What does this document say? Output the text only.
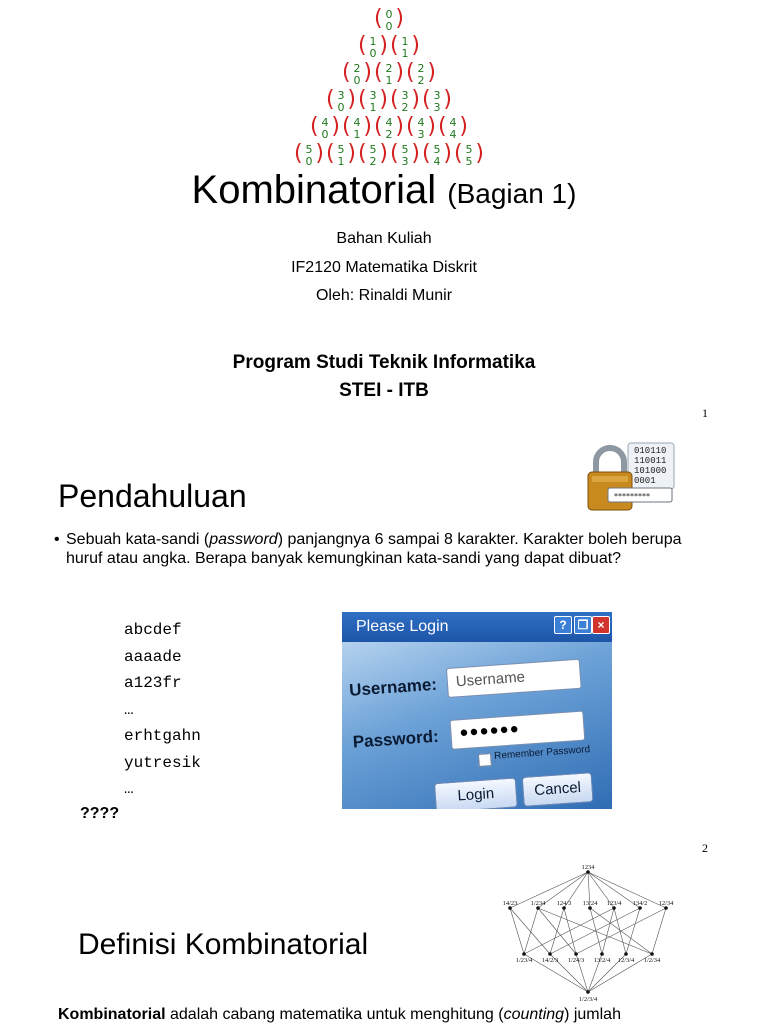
( 0
0 )
( 1
0 ) ( 1
1 )
( 2
0 ) ( 2
1 ) ( 2
2 )
( 3
0 ) ( 3
1 ) ( 3
2 ) ( 3
3 )
( 4
0 ) ( 4
1 ) ( 4
2 ) ( 4
3 ) ( 4
4 )
( 5
0 ) ( 5
1 ) ( 5
2 ) ( 5
3 ) ( 5
4 ) ( 5
5 )
Kombinatorial (Bagian 1)
Bahan Kuliah
IF2120 Matematika Diskrit
Oleh: Rinaldi Munir
Program Studi Teknik Informatika
STEI - ITB
1
Pendahuluan
010110
110011
101000
0001
*********
• Sebuah kata-sandi (password) panjangnya 6 sampai 8 karakter. Karakter boleh berupa huruf atau angka. Berapa banyak kemungkinan kata-sandi yang dapat dibuat?
abcdef
aaaade
a123fr
…
erhtgahn
yutresik
…
????
Please Login	? ❐ ×
Username: Username
Password: ●●●●●●
Remember Password
Login	Cancel
2
Definisi Kombinatorial
1234
14/23 1/234 124/3 13/24 123/4 134/2 12/34
1/23/4 14/2/3 1/24/3 13/2/4 12/3/4 1/2/34
1/2/3/4
Kombinatorial adalah cabang matematika untuk menghitung (counting) jumlah
